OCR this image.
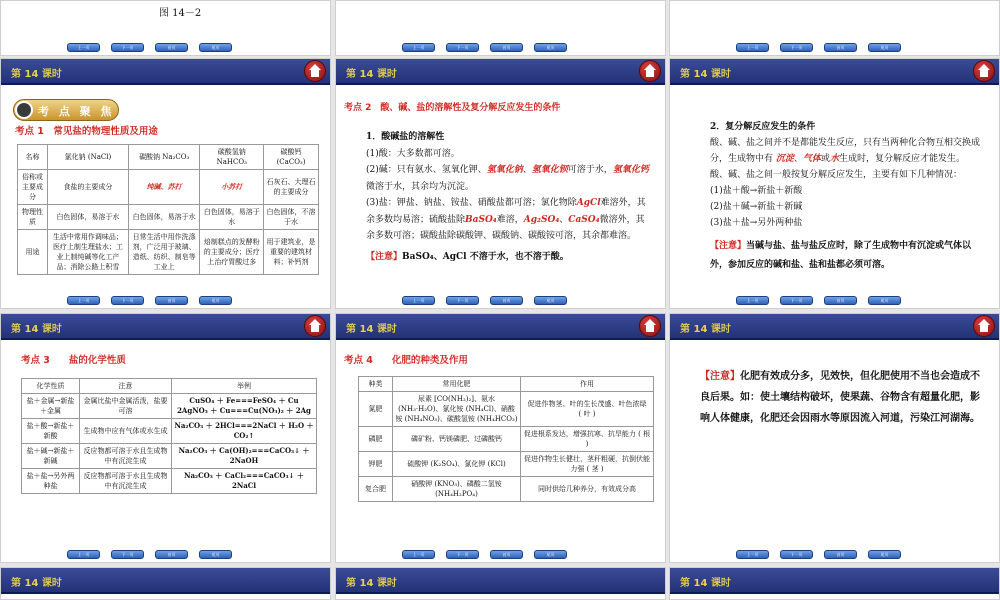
图 14－2
上一页	下一页	首页	尾页	上一页	下一页	首页	尾页	上一页	下一页	首页	尾页
第 14 课时
考 点 聚 焦
考点 1　常见盐的物理性质及用途
名称	氯化钠 (NaCl)	碳酸钠 Na₂CO₃	碳酸氢钠 NaHCO₃	碳酸钙 (CaCO₃)
俗称或主要成分	食盐的主要成分	纯碱、苏打	小苏打	石灰石、大理石的主要成分
物理性质	白色固体，易溶于水	白色固体，易溶于水	白色固体，易溶于水	白色固体，不溶于水
用途	生活中常用作调味品；医疗上制生理盐水；工业上制纯碱等化工产品；消除公路上积雪	日常生活中用作洗涤剂，广泛用于玻璃、造纸、纺织、制皂等工业上	焙制糕点的发酵粉的主要成分；医疗上治疗胃酸过多	用于建筑业，是重要的建筑材料；补钙剂
上一页	下一页	首页	尾页
第 14 课时
考点 2　酸、碱、盐的溶解性及复分解反应发生的条件
1．酸碱盐的溶解性
(1)酸：大多数都可溶。
(2)碱：只有氨水、氢氧化钾、氢氧化钠、氢氧化钡可溶于水，氢氧化钙微溶于水，其余均为沉淀。
(3)盐：钾盐、钠盐、铵盐、硝酸盐都可溶；氯化物除AgCl难溶外，其余多数均易溶；硫酸盐除BaSO₄难溶，Ag₂SO₄、CaSO₄微溶外，其余多数可溶；碳酸盐除碳酸钾、碳酸钠、碳酸铵可溶，其余都难溶。
【注意】BaSO₄、AgCl 不溶于水，也不溶于酸。
上一页	下一页	首页	尾页
第 14 课时
2．复分解反应发生的条件
酸、碱、盐之间并不是都能发生反应，只有当两种化合物互相交换成分，生成物中有 沉淀、气体或水生成时，复分解反应才能发生。
酸、碱、盐之间一般按复分解反应发生，主要有如下几种情况：
(1)盐＋酸→新盐＋新酸
(2)盐＋碱→新盐＋新碱
(3)盐＋盐→另外两种盐
【注意】当碱与盐、盐与盐反应时，除了生成物中有沉淀或气体以外，参加反应的碱和盐、盐和盐都必须可溶。
上一页	下一页	首页	尾页
第 14 课时
考点 3　　盐的化学性质
化学性质	注意	举例
盐＋金属→新盐＋金属	金属比盐中金属活泼，盐要可溶	CuSO₄ ＋ Fe===FeSO₄ ＋ Cu　2AgNO₃ ＋ Cu===Cu(NO₃)₂ ＋ 2Ag
盐＋酸→新盐＋新酸	生成物中应有气体或水生成	Na₂CO₃ ＋ 2HCl===2NaCl ＋ H₂O ＋ CO₂↑
盐＋碱→新盐＋新碱	反应物都可溶于水且生成物中有沉淀生成	Na₂CO₃ ＋ Ca(OH)₂===CaCO₃↓ ＋ 2NaOH
盐＋盐→另外两种盐	反应物都可溶于水且生成物中有沉淀生成	Na₂CO₃ ＋ CaCl₂===CaCO₃↓ ＋ 2NaCl
上一页	下一页	首页	尾页
第 14 课时
考点 4　　化肥的种类及作用
种类	常用化肥	作用
氮肥	尿素 [CO(NH₂)₂]、氨水 (NH₃·H₂O)、氯化铵 (NH₄Cl)、硝酸铵 (NH₄NO₃)、碳酸氢铵 (NH₄HCO₃)	促进作物茎、叶的生长茂盛、叶色浓绿　( 叶 )
磷肥	磷矿粉、钙镁磷肥、过磷酸钙	促进根系发达，增强抗寒、抗旱能力 ( 根 )
钾肥	硫酸钾 (K₂SO₄)、氯化钾 (KCl)	促进作物生长健壮，茎秆粗硬，抗倒伏能力强 ( 茎 )
复合肥	硝酸钾 (KNO₃)、磷酸二氢铵 (NH₄H₂PO₄)	同时供给几种养分，有效成分高
上一页	下一页	首页	尾页
第 14 课时
【注意】化肥有效成分多，见效快，但化肥使用不当也会造成不良后果。如：使土壤结构破坏，使果蔬、谷物含有超量化肥，影响人体健康，化肥还会因雨水等原因流入河道，污染江河湖海。
上一页	下一页	首页	尾页
第 14 课时	第 14 课时	第 14 课时
